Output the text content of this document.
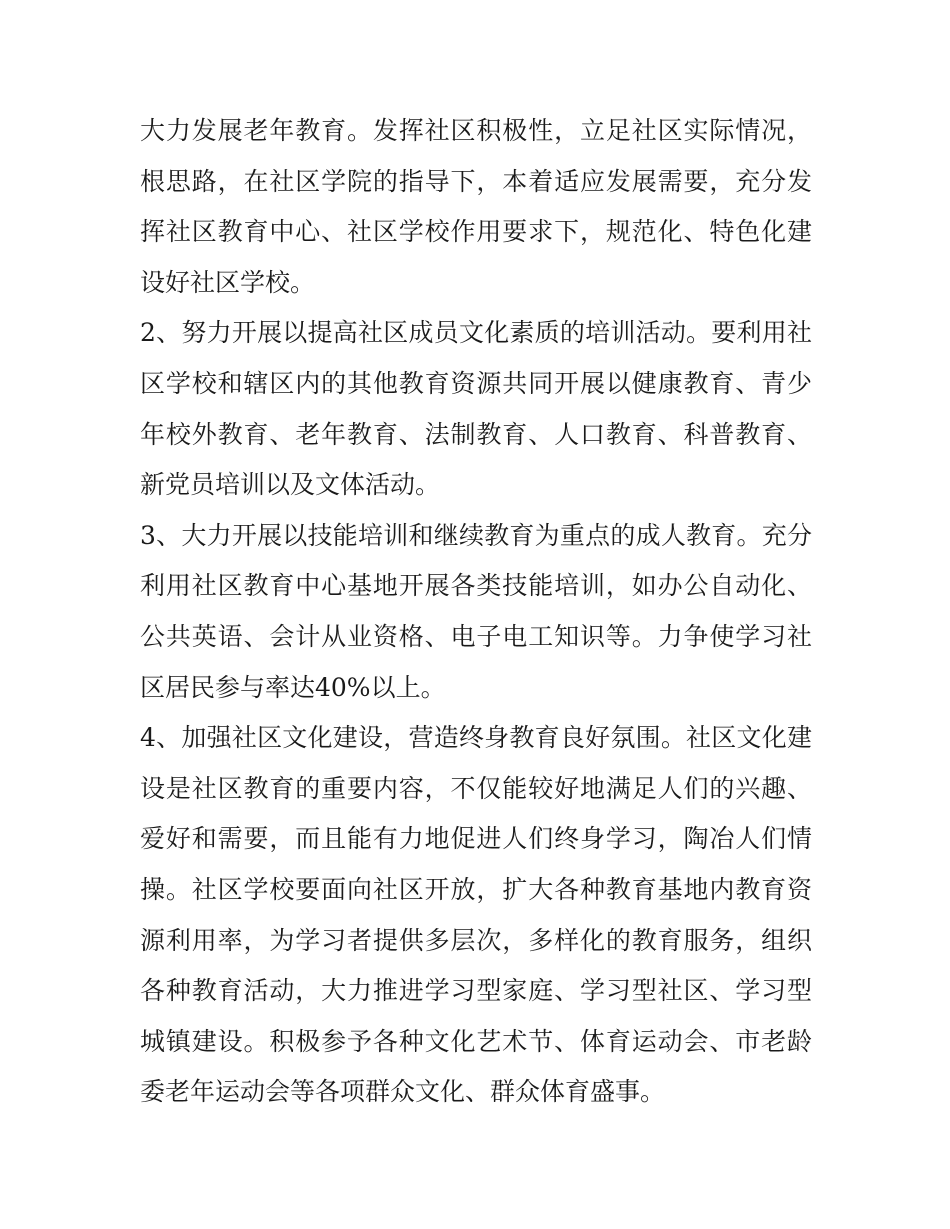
大力发展老年教育。发挥社区积极性，立足社区实际情况，根思路，在社区学院的指导下，本着适应发展需要，充分发挥社区教育中心、社区学校作用要求下，规范化、特色化建设好社区学校。

2、努力开展以提高社区成员文化素质的培训活动。要利用社区学校和辖区内的其他教育资源共同开展以健康教育、青少年校外教育、老年教育、法制教育、人口教育、科普教育、新党员培训以及文体活动。

3、大力开展以技能培训和继续教育为重点的成人教育。充分利用社区教育中心基地开展各类技能培训，如办公自动化、公共英语、会计从业资格、电子电工知识等。力争使学习社区居民参与率达40%以上。

4、加强社区文化建设，营造终身教育良好氛围。社区文化建设是社区教育的重要内容，不仅能较好地满足人们的兴趣、爱好和需要，而且能有力地促进人们终身学习，陶冶人们情操。社区学校要面向社区开放，扩大各种教育基地内教育资源利用率，为学习者提供多层次，多样化的教育服务，组织各种教育活动，大力推进学习型家庭、学习型社区、学习型城镇建设。积极参予各种文化艺术节、体育运动会、市老龄委老年运动会等各项群众文化、群众体育盛事。
